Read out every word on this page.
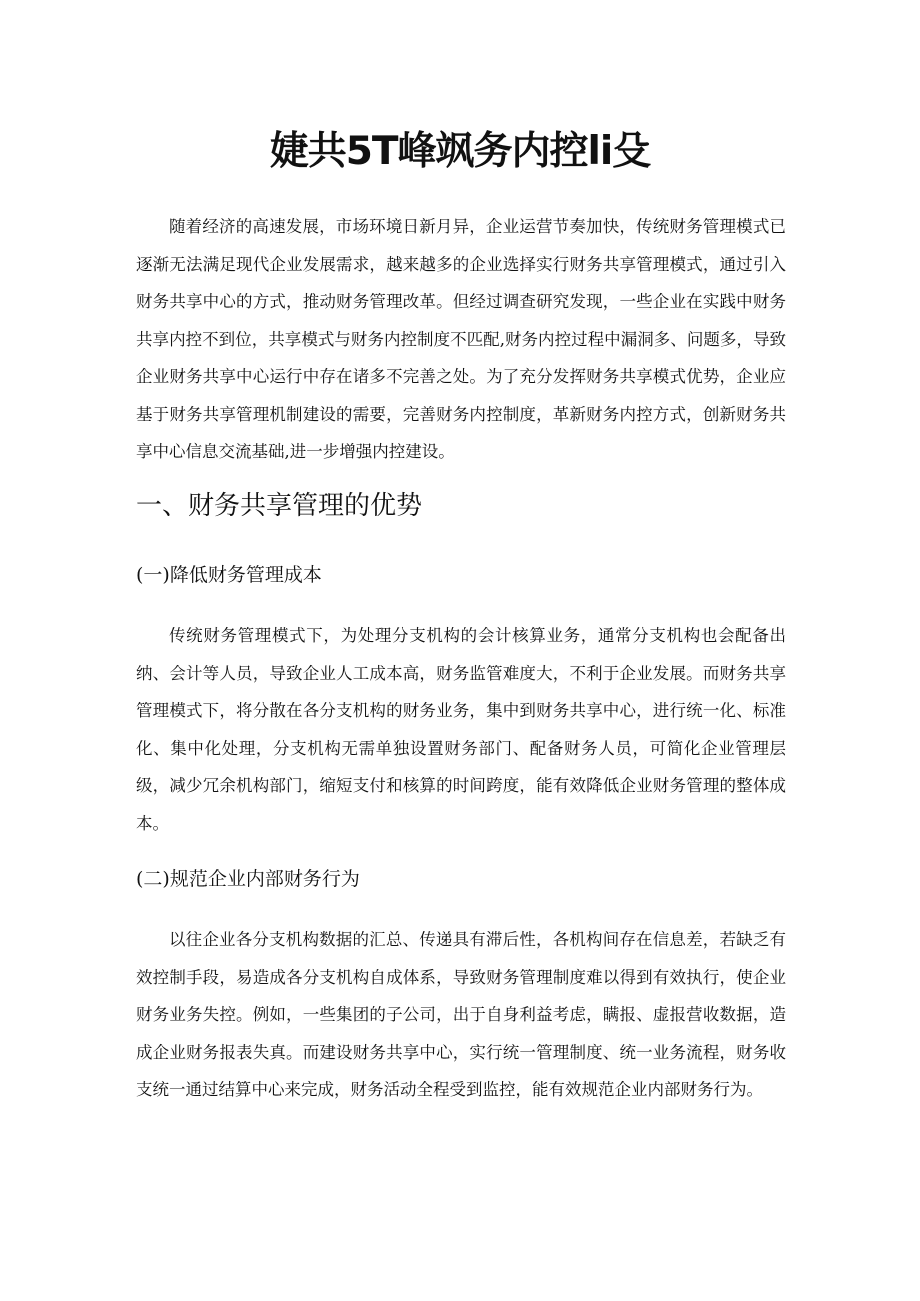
婕共5T峰飒务内控li殳

随着经济的高速发展，市场环境日新月异，企业运营节奏加快，传统财务管理模式已逐渐无法满足现代企业发展需求，越来越多的企业选择实行财务共享管理模式，通过引入财务共享中心的方式，推动财务管理改革。但经过调查研究发现，一些企业在实践中财务共享内控不到位，共享模式与财务内控制度不匹配,财务内控过程中漏洞多、问题多，导致企业财务共享中心运行中存在诸多不完善之处。为了充分发挥财务共享模式优势，企业应基于财务共享管理机制建设的需要，完善财务内控制度，革新财务内控方式，创新财务共享中心信息交流基础,进一步增强内控建设。

一、财务共享管理的优势
(一)降低财务管理成本

传统财务管理模式下，为处理分支机构的会计核算业务，通常分支机构也会配备出纳、会计等人员，导致企业人工成本高，财务监管难度大，不利于企业发展。而财务共享管理模式下，将分散在各分支机构的财务业务，集中到财务共享中心，进行统一化、标准化、集中化处理，分支机构无需单独设置财务部门、配备财务人员，可简化企业管理层级，减少冗余机构部门，缩短支付和核算的时间跨度，能有效降低企业财务管理的整体成本。

(二)规范企业内部财务行为

以往企业各分支机构数据的汇总、传递具有滞后性，各机构间存在信息差，若缺乏有效控制手段，易造成各分支机构自成体系，导致财务管理制度难以得到有效执行，使企业财务业务失控。例如，一些集团的子公司，出于自身利益考虑，瞒报、虚报营收数据，造成企业财务报表失真。而建设财务共享中心，实行统一管理制度、统一业务流程，财务收支统一通过结算中心来完成，财务活动全程受到监控，能有效规范企业内部财务行为。
